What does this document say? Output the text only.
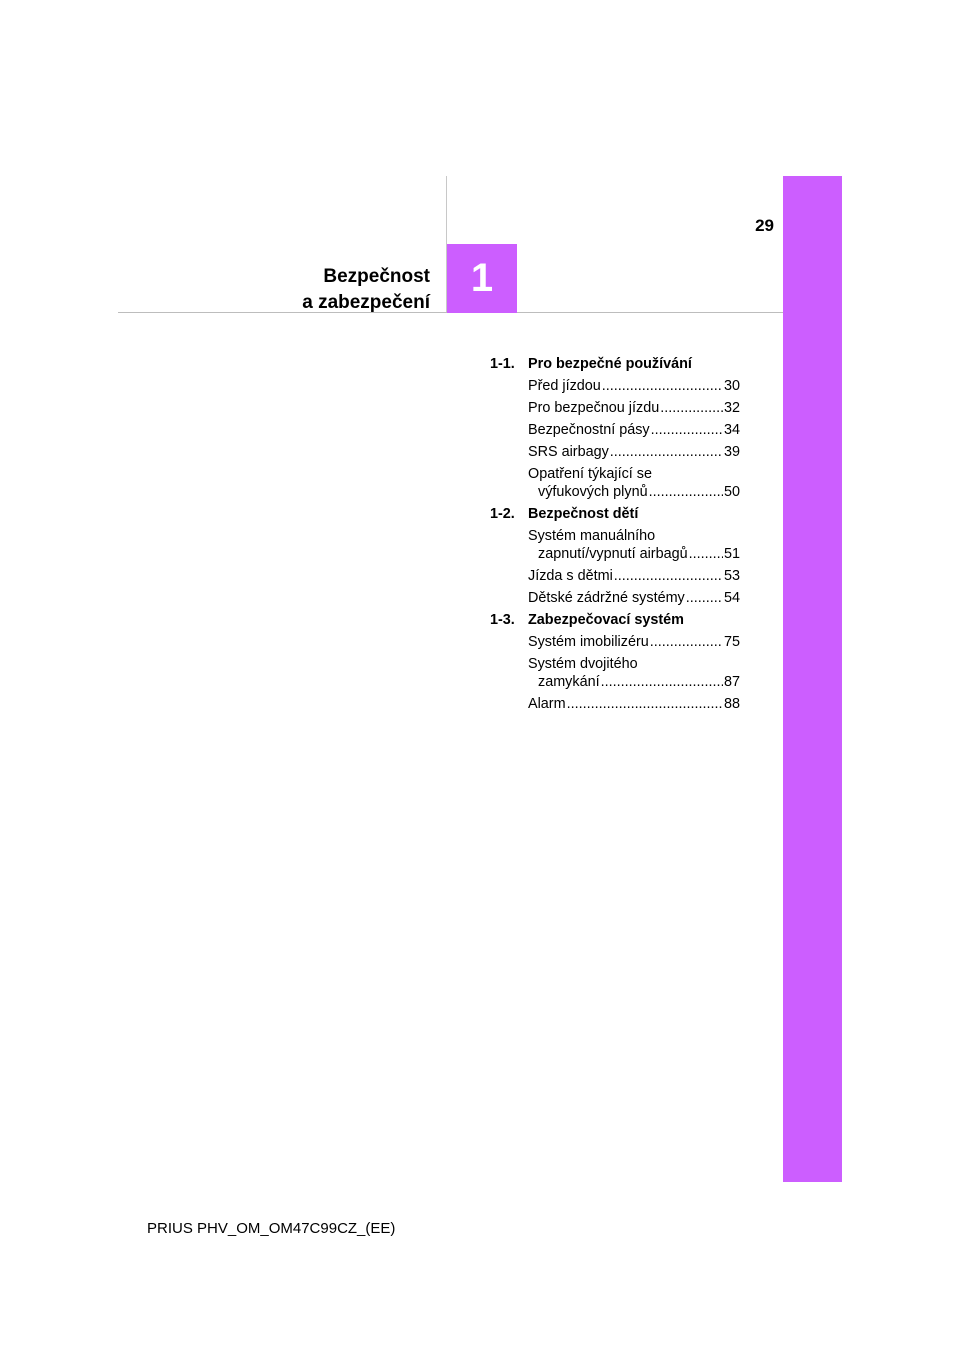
29
Bezpečnost
a zabezpečení
1
1-1. Pro bezpečné používání
Před jízdou .....	30
Pro bezpečnou jízdu .....	32
Bezpečnostní pásy .....	34
SRS airbagy .....	39
Opatření týkající se
výfukových plynů .....	50
1-2. Bezpečnost dětí
Systém manuálního
zapnutí/vypnutí airbagů .....	51
Jízda s dětmi .....	53
Dětské zádržné systémy .....	54
1-3. Zabezpečovací systém
Systém imobilizéru .....	75
Systém dvojitého
zamykání .....	87
Alarm .....	88
PRIUS PHV_OM_OM47C99CZ_(EE)
